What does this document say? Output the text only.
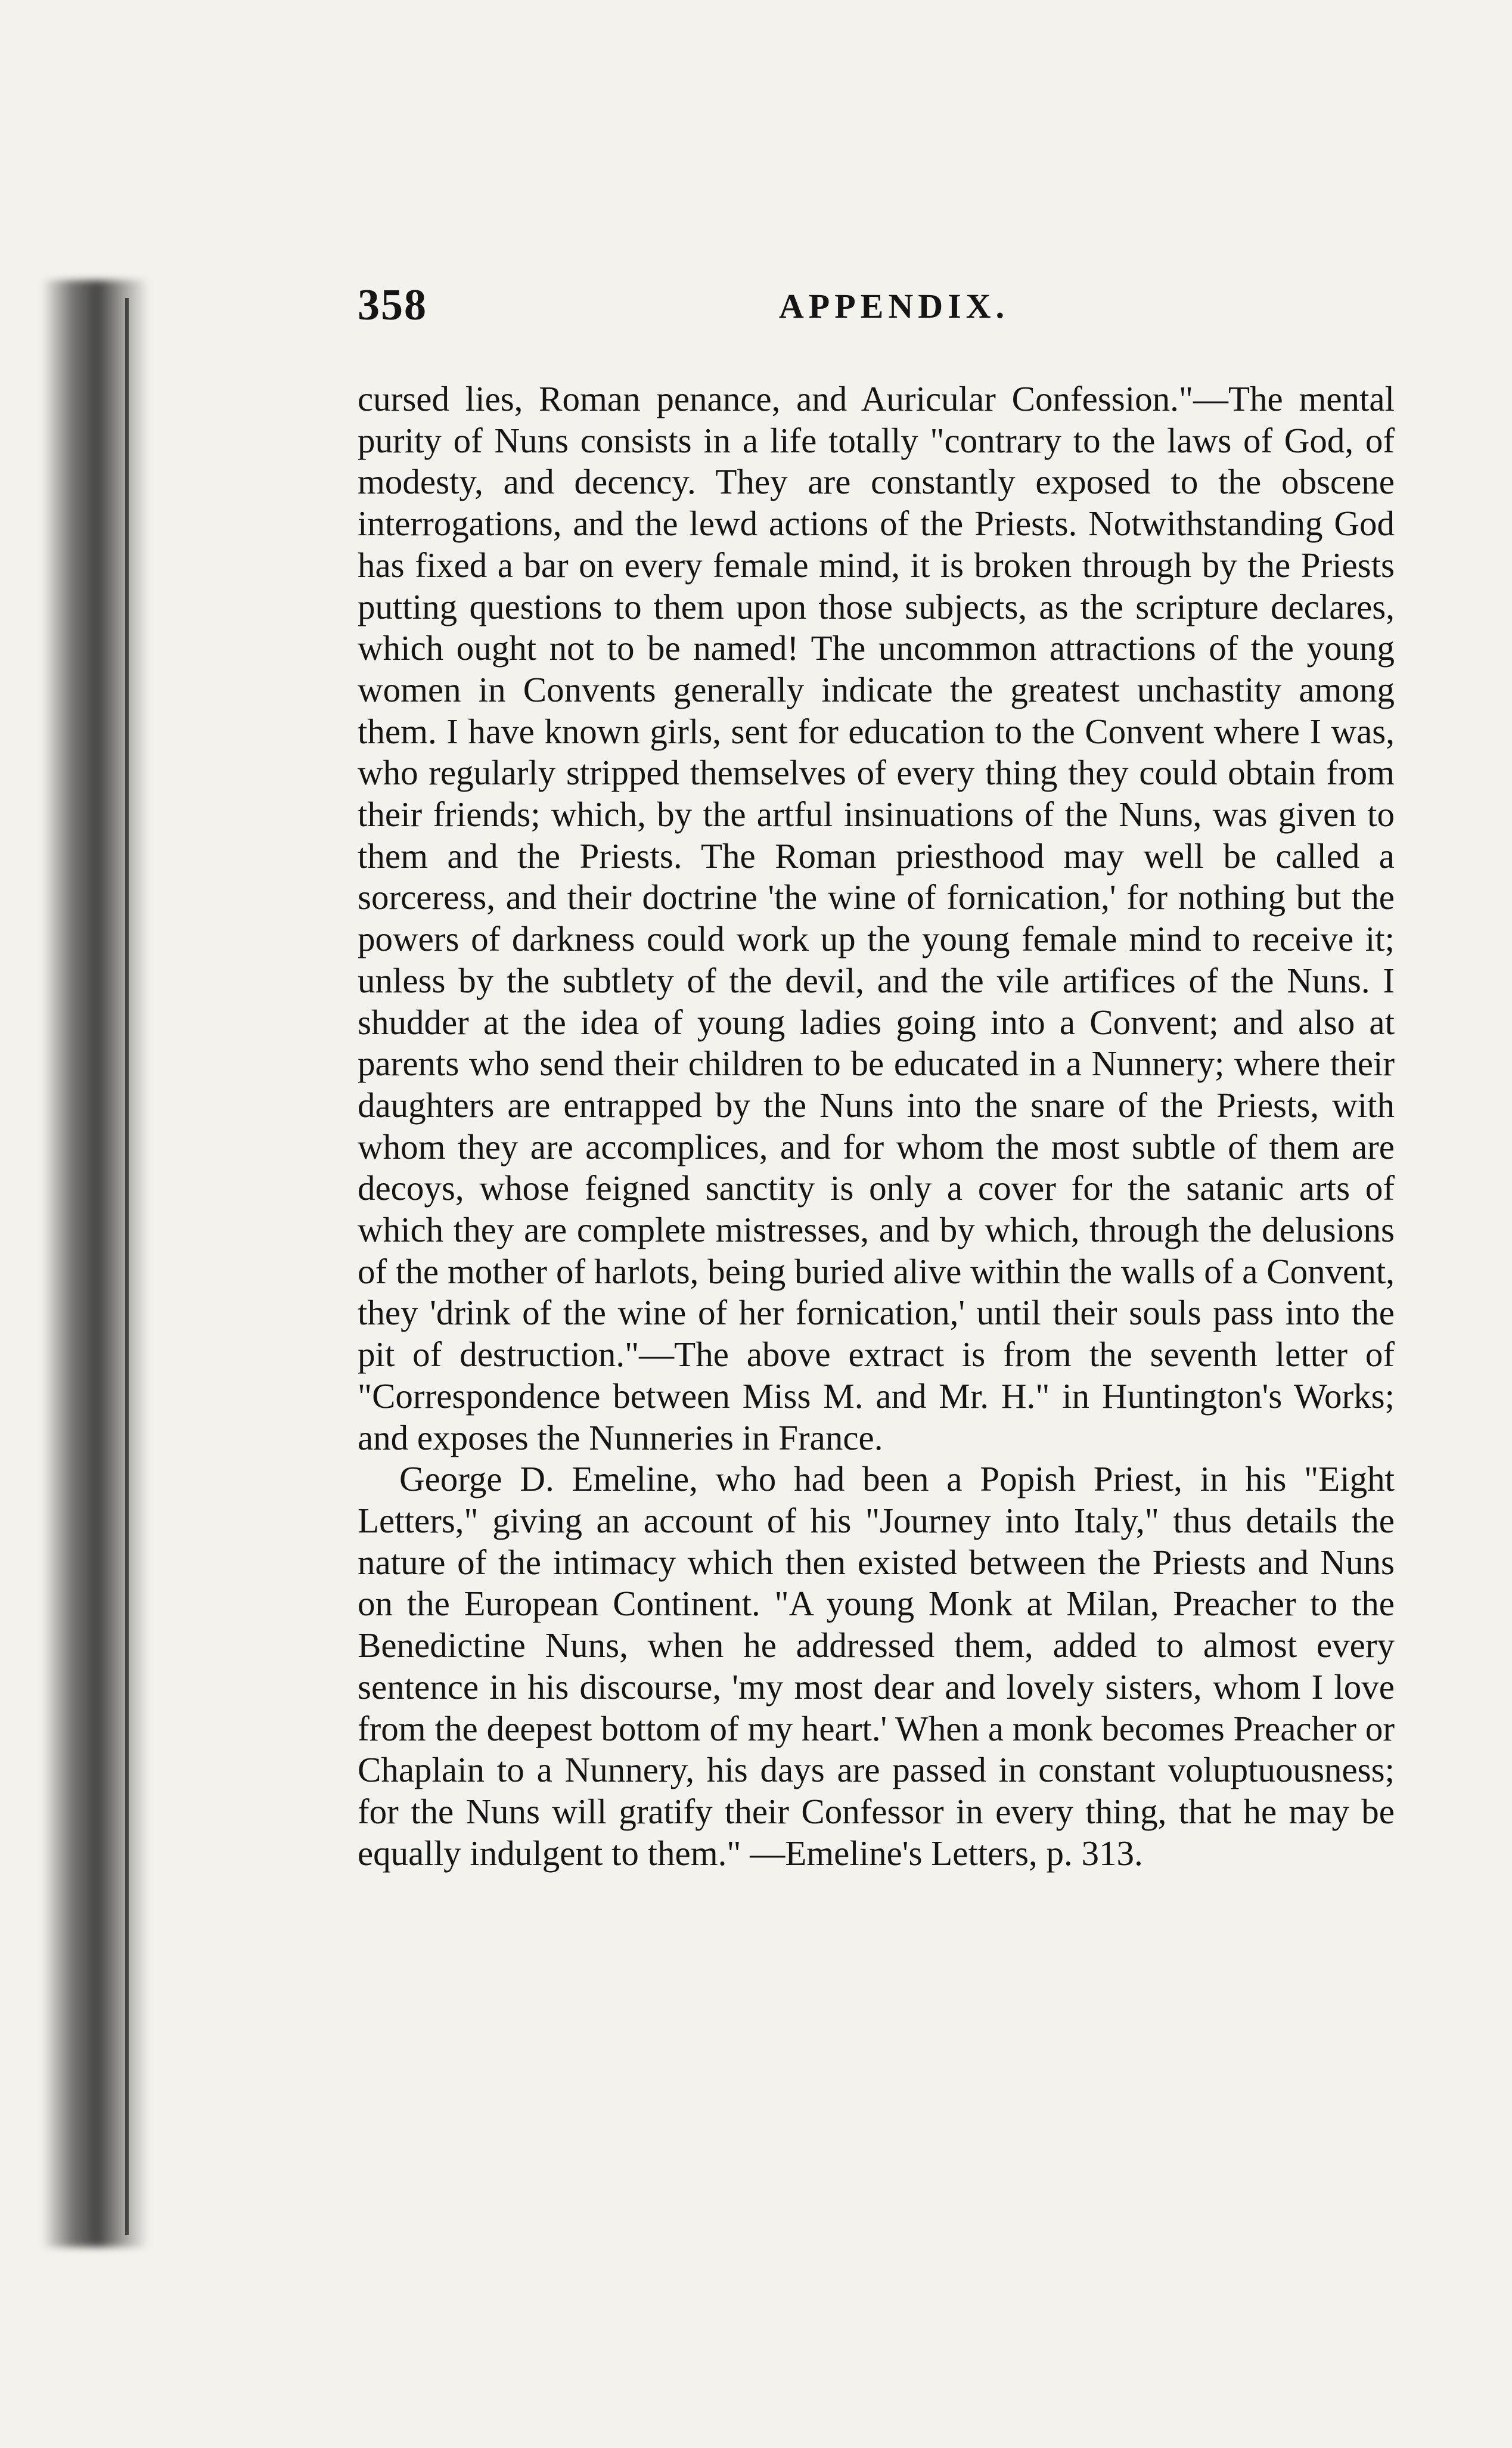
358	APPENDIX.

cursed lies, Roman penance, and Auricular Confession."—The mental purity of Nuns consists in a life totally "contrary to the laws of God, of modesty, and decency. They are constantly exposed to the obscene interrogations, and the lewd actions of the Priests. Notwithstanding God has fixed a bar on every female mind, it is broken through by the Priests putting questions to them upon those subjects, as the scripture declares, which ought not to be named! The uncommon attractions of the young women in Convents generally indicate the greatest unchastity among them. I have known girls, sent for education to the Convent where I was, who regularly stripped themselves of every thing they could obtain from their friends; which, by the artful insinuations of the Nuns, was given to them and the Priests. The Roman priesthood may well be called a sorceress, and their doctrine 'the wine of fornication,' for nothing but the powers of darkness could work up the young female mind to receive it; unless by the subtlety of the devil, and the vile artifices of the Nuns. I shudder at the idea of young ladies going into a Convent; and also at parents who send their children to be educated in a Nunnery; where their daughters are entrapped by the Nuns into the snare of the Priests, with whom they are accomplices, and for whom the most subtle of them are decoys, whose feigned sanctity is only a cover for the satanic arts of which they are complete mistresses, and by which, through the delusions of the mother of harlots, being buried alive within the walls of a Convent, they 'drink of the wine of her fornication,' until their souls pass into the pit of destruction."—The above extract is from the seventh letter of "Correspondence between Miss M. and Mr. H." in Huntington's Works; and exposes the Nunneries in France.

George D. Emeline, who had been a Popish Priest, in his "Eight Letters," giving an account of his "Journey into Italy," thus details the nature of the intimacy which then existed between the Priests and Nuns on the European Continent. "A young Monk at Milan, Preacher to the Benedictine Nuns, when he addressed them, added to almost every sentence in his discourse, 'my most dear and lovely sisters, whom I love from the deepest bottom of my heart.' When a monk becomes Preacher or Chaplain to a Nunnery, his days are passed in constant voluptuousness; for the Nuns will gratify their Confessor in every thing, that he may be equally indulgent to them." —Emeline's Letters, p. 313.
